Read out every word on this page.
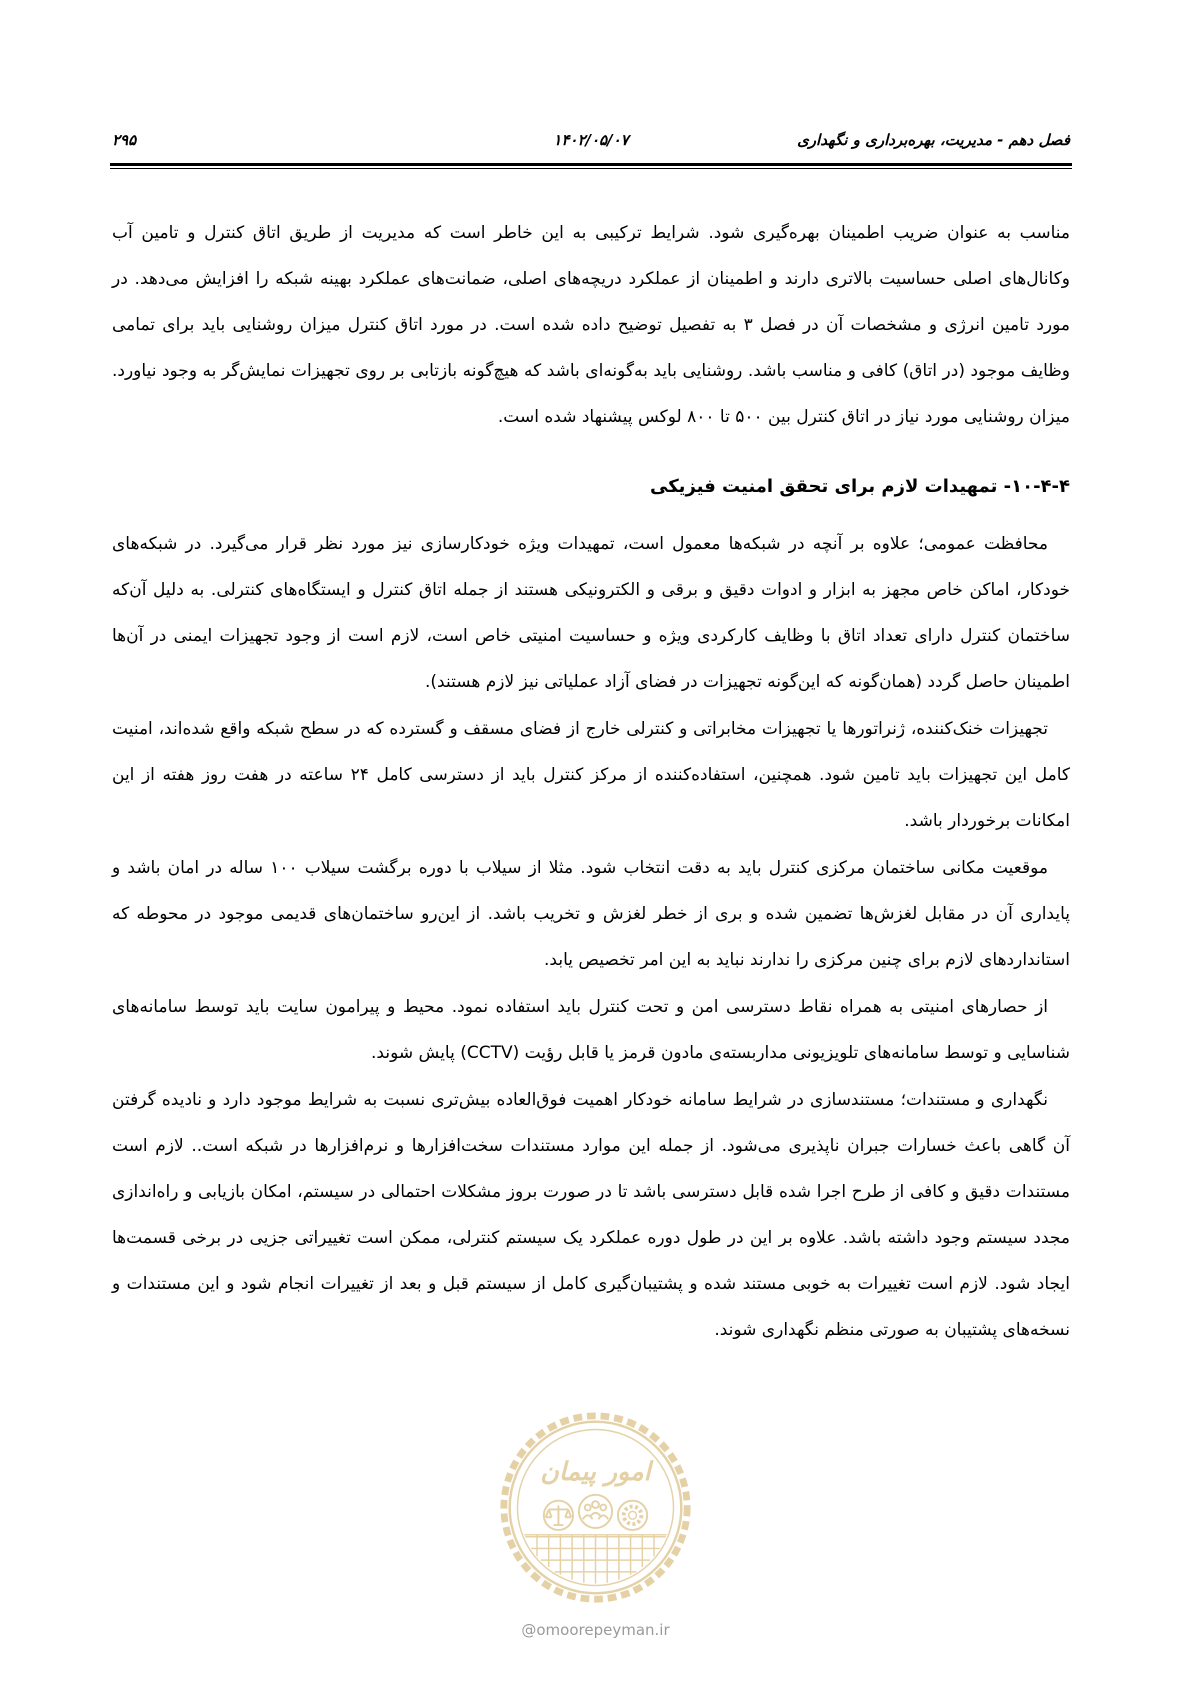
فصل دهم - مدیریت، بهره‌برداری و نگهداری
۱۴۰۲/۰۵/۰۷
۲۹۵

مناسب به عنوان ضریب اطمینان بهره‌گیری شود. شرایط ترکیبی به این خاطر است که مدیریت از طریق اتاق کنترل و تامین آب وکانال‌های اصلی حساسیت بالاتری دارند و اطمینان از عملکرد دریچه‌های اصلی، ضمانت‌های عملکرد بهینه شبکه را افزایش می‌دهد. در مورد تامین انرژی و مشخصات آن در فصل ۳ به تفصیل توضیح داده شده است. در مورد اتاق کنترل میزان روشنایی باید برای تمامی وظایف موجود (در اتاق) کافی و مناسب باشد. روشنایی باید به‌گونه‌ای باشد که هیچ‌گونه بازتابی بر روی تجهیزات نمایش‌گر به وجود نیاورد. میزان روشنایی مورد نیاز در اتاق کنترل بین ۵۰۰ تا ۸۰۰ لوکس پیشنهاد شده است.

۱۰-۴-۴- تمهیدات لازم برای تحقق امنیت فیزیکی

محافظت عمومی؛ علاوه بر آنچه در شبکه‌ها معمول است، تمهیدات ویژه خودکارسازی نیز مورد نظر قرار می‌گیرد. در شبکه‌های خودکار، اماکن خاص مجهز به ابزار و ادوات دقیق و برقی و الکترونیکی هستند از جمله اتاق کنترل و ایستگاه‌های کنترلی. به دلیل آن‌که ساختمان کنترل دارای تعداد اتاق با وظایف کارکردی ویژه و حساسیت امنیتی خاص است، لازم است از وجود تجهیزات ایمنی در آن‌ها اطمینان حاصل گردد (همان‌گونه که این‌گونه تجهیزات در فضای آزاد عملیاتی نیز لازم هستند).

تجهیزات خنک‌کننده، ژنراتورها یا تجهیزات مخابراتی و کنترلی خارج از فضای مسقف و گسترده که در سطح شبکه واقع شده‌اند، امنیت کامل این تجهیزات باید تامین شود. همچنین، استفاده‌کننده از مرکز کنترل باید از دسترسی کامل ۲۴ ساعته در هفت روز هفته از این امکانات برخوردار باشد.

موقعیت مکانی ساختمان مرکزی کنترل باید به دقت انتخاب شود. مثلا از سیلاب با دوره برگشت سیلاب ۱۰۰ ساله در امان باشد و پایداری آن در مقابل لغزش‌ها تضمین شده و بری از خطر لغزش و تخریب باشد. از این‌رو ساختمان‌های قدیمی موجود در محوطه که استانداردهای لازم برای چنین مرکزی را ندارند نباید به این امر تخصیص یابد.

از حصارهای امنیتی به همراه نقاط دسترسی امن و تحت کنترل باید استفاده نمود. محیط و پیرامون سایت باید توسط سامانه‌های شناسایی و توسط سامانه‌های تلویزیونی مداربسته‌ی مادون قرمز یا قابل رؤیت (CCTV) پایش شوند.

نگهداری و مستندات؛ مستندسازی در شرایط سامانه خودکار اهمیت فوق‌العاده بیش‌تری نسبت به شرایط موجود دارد و نادیده گرفتن آن گاهی باعث خسارات جبران ناپذیری می‌شود. از جمله این موارد مستندات سخت‌افزارها و نرم‌افزارها در شبکه است.. لازم است مستندات دقیق و کافی از طرح اجرا شده قابل دسترسی باشد تا در صورت بروز مشکلات احتمالی در سیستم، امکان بازیابی و راه‌اندازی مجدد سیستم وجود داشته باشد. علاوه بر این در طول دوره عملکرد یک سیستم کنترلی، ممکن است تغییراتی جزیی در برخی قسمت‌ها ایجاد شود. لازم است تغییرات به خوبی مستند شده و پشتیبان‌گیری کامل از سیستم قبل و بعد از تغییرات انجام شود و این مستندات و نسخه‌های پشتیبان به صورتی منظم نگهداری شوند.

امور پیمان
@omoorepeyman.ir
